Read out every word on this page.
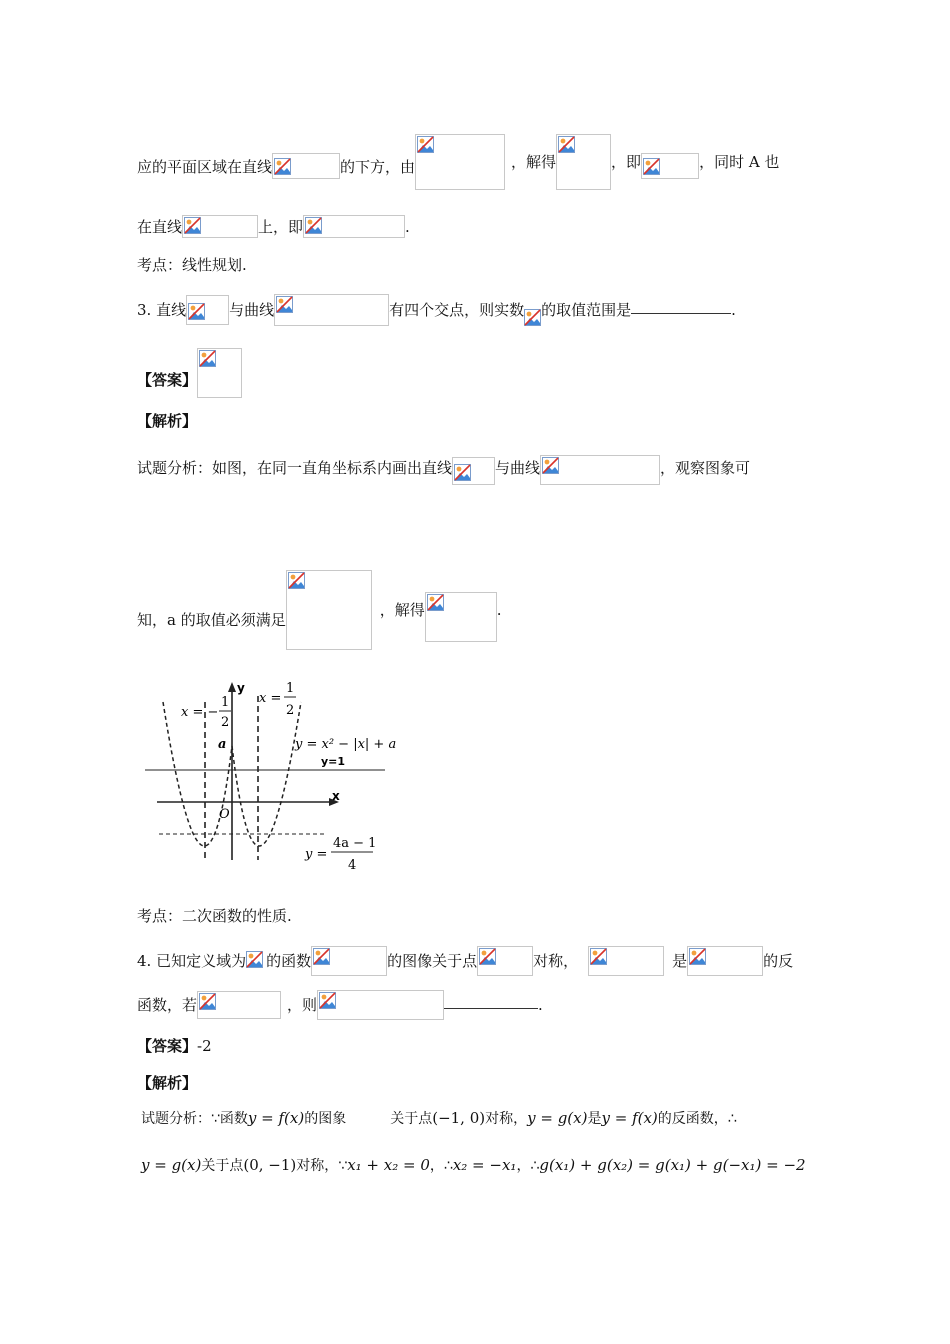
应的平面区域在直线	的下方，由	，解得	，即	，同时 A 也
在直线	上，即	.
考点：线性规划.
3. 直线	与曲线	有四个交点，则实数 的取值范围是	.
【答案】
【解析】
试题分析：如图，在同一直角坐标系内画出直线	与曲线	，观察图象可
知，a 的取值必须满足
，解得	.
y
x
O
a
x = −
1
2
x =
1
2
y = x² − |x| + a
y=1
y =
4a − 1
4
考点：二次函数的性质.
4. 已知定义域为 的函数	的图像关于点	对称，	是	的反
函数，若	，则	.
【答案】-2
【解析】
试题分析：∵函数y = f(x)的图象	关于点(−1, 0)对称，y = g(x)是y = f(x)的反函数，∴
y = g(x)关于点(0, −1)对称，∵x₁ + x₂ = 0，∴x₂ = −x₁，∴g(x₁) + g(x₂) = g(x₁) + g(−x₁) = −2
